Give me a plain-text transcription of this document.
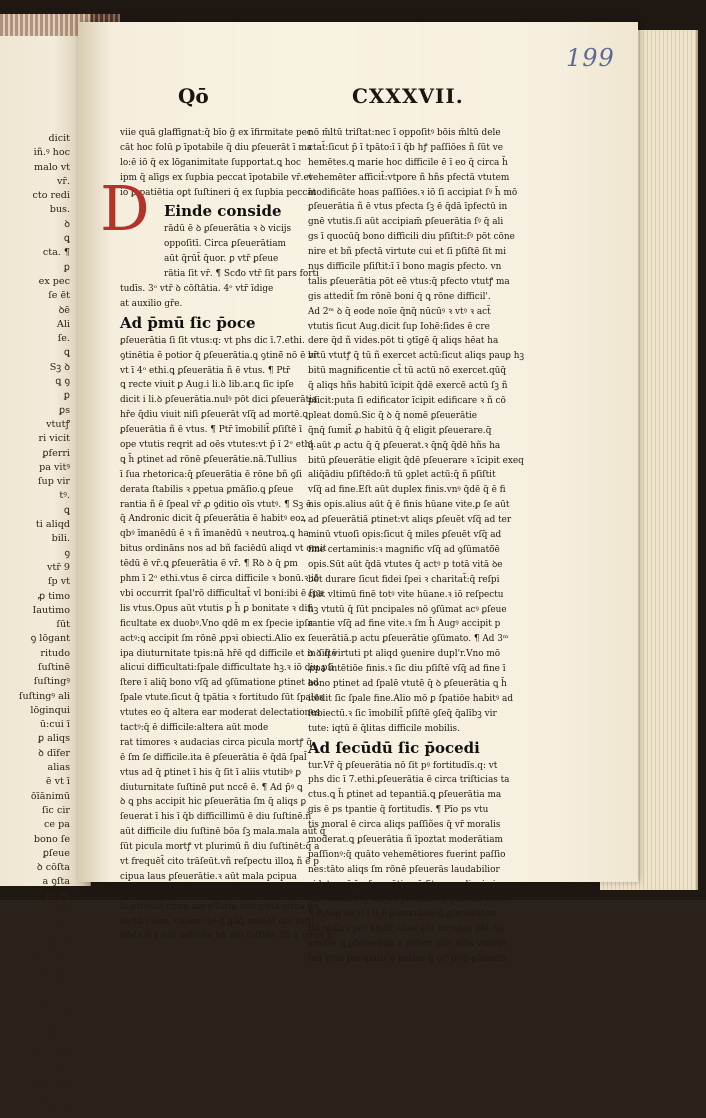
dicit
iñ.ꝰ hoc
malo vt
vr̄.
cto redi
bus.
ꝺ
ꝗ
cta. ¶
ꝑ
ex pec
ſe ēt
ꝺē
Ali
ſe.
ꝗ
Sꝫ ꝺ
ꝗ ꝯ
ꝑ
ꝑs
vtutꝭ
ri vicit
ꝑferri
pa vitꝰ
ſup vir
tꝰ.
ꝗ
ti aliqd
bili.
ꝯ
vtr̄ 9
ſp vt
ꝓ timo
Iautimo
ſūt
ꝯ lōgant
ritudo
ſuſtinē
ſuſtingꝰ
ſuſtingꝰ ali
lōginqui
ū:cui ī
ꝑ aliqs
ꝺ dīfer
alias
ē vt ī
ōīānimū
ſic cir
ce pa
bono ſe
ꝑſeue
ꝺ cōſta
a ꝯſta
ro rū
ꝑtinet ad
ſi ſūt
cē. ꝑ
ad lōga
ē ſpal
ūs ꝺ
no nibi
ꝺ tēd
tiā:cir
nō ſit
ꝑſeuerē
a ꝑſe
quo loco
ꝓ ſeue
ī ꝯs illiꝰ
199
Qō	CXXXVII.
viie quā glaffignat:q̄ bīo g̃ ex īfirmitate pec
cāt hoc folū ꝑ īpotabile q̄ diu ꝑſeuerāt ī ma
lo:ē iō q̄ ex lōganimitate ſupportat.ꝗ hoc
ipm q̄ alīgs ex ſupbia peccat īpotabile vr̄.et
iō ꝑ patiētia oꝑt ſuſtineri q̄ ex ſupbia peccāt
Einde conside
rādū ē ꝺ ꝑſeuerātia ꝛ ꝺ vicijs
oppoſitī. Circa ꝑſeuerātiam
aūt q̄rūt̄ q̄uor. ꝑ vtr̄ ꝑſeue
rātia ſit vr̄. ¶ Scđo vtr̄ ſit pars forti
tudīs. 3ᵒ vtr̄ ꝺ cōſtātia. 4ᵒ vtr̄ īdige
at auxilio gr̄e.
Ad p̄mū ſic p̄oce
ꝑſeuerātia ſi ſit vtus:q: vt phs dic ī.7.ethi.
ꝯtinētia ē potior q̄ ꝑſeuerātia.ꝗ ꝯtinē̄ nō ē vr̄
vt ī 4ᵒ ethi.ꝗ ꝑſeuerātia ñ ē vtus. ¶ Ptr̄
ꝗ recte viuit ꝑ Aug.i li.ꝺ lib.ar.ꝗ ſic ipſe
dicit i li.ꝺ ꝑſeuerātia.nulꝰ pōt dici ꝑſeuerātia
hr̄e q̄diu viuit niſi ꝑſeuerāt vſq̄ ad mortē.ꝗ
ꝑſeuerātia ñ ē vtus. ¶ Ptr̄ īmobilit̄ ꝑſiſtē ī
ope vtutis reqrit ad oēs vtutes:vt p̄ ī 2ᵒ ethi.
ꝗ h̄ ꝑtinet ad rōnē ꝑſeuerātie.nā.Tullius
ī ſua rhetorica:q̄ ꝑſeuerātia ē rōne bñ ꝯſi
derata ſtabilis ꝛ ꝑpetua ꝑmāſio.ꝗ ꝑſeue
rantia ñ ē ſpeal vr̄ ꝓ ꝯditio oīs vtutꝰ. ¶ Sꝫ ē
q̄ Andronic dicit q̄ ꝑſeuerātia ē habitꝰ eoꝝ
qbꝰ īmanēdū ē ꝛ ñ īmanēdū ꝛ neutroꝝ.ꝗ ha
bitus ordināns nos ad bñ faciēdū aliqd vt omit
tēdū ē vr̄.ꝗ ꝑſeuerātia ē vr̄. ¶ Rꝺ ꝺ q̄ ꝑm
phm ī 2ᵒ ethi.vtus ē circa difficile ꝛ bonū.ꝛ iō
vbi occurrit ſpal'rō difficultat̄ vl boni:ibi ē ſpa
lis vtus.Opus aūt vtutis ꝑ h̄ ꝑ bonitate ꝛ difi
ficultate ex duobꝰ.Vno qdē m ex ſpecie ipſa
actꝰ:ꝗ accipit ſm rōnē ꝓpꝛi obiecti.Alio ex
ipa diuturnitate tpis:nā hr̄ē qd difficile et in ſiſtē
alicui difficultati:ſpale difficultate hꝫ.ꝛ iō diu pſi
ſtere ī aliq̄ bono vſq̄ ad ꝯſūmatione ꝑtinet ad
ſpale vtute.ſicut q̄ tpātia ꝛ fortitudo ſūt ſpales
vtutes eo q̄ altera ear moderat delectationes
tactꝰ:q̄ ē difficile:altera aūt mode
rat timores ꝛ audacias circa picula mortꝭ q̄
ē ſm ſe difficile.ita ē ꝑſeuerātia ē q̄dā ſpal̄
vtus ad q̄ ꝑtinet ī his q̄ ſit ī aliis vtutibꝰ ꝑ
diuturnitate ſuſtinē ꝑut nccē ē. ¶ Ad p̄ꝰ ꝗ
ꝺ ꝗ phs accipit hic ꝑſeuerātia ſm q̄ aliqs ꝑ
ſeuerat ī his ī q̄b difficillimū ē diu ſuſtinē.ñ
aūt difficile diu ſuſtinē bōa ſꝫ mala.mala aūt q̄
ſūt picula mortꝭ vt plurimū ñ diu ſuſtinēt:q̄ a
vt frequēt̄ cito trāſeūt.vñ reſpectu illoꝝ ñ ē p
cipua laus ꝑſeuerātie.ꝛ aūt mala pcipua
ſūt illa q̄ oppoīt̄ delectatiōibꝰ tactꝰ:q̄ bꝰ ma
la attēdūt̄ circa neceſſaria vite:puta circa de
fectū ciboꝝ ꝛ aliozꝰ hꝰ:q̄ qñq̄ īminēt diu ſuſti
nēda.ñ ē aūt difficile bñ diu ſuſtinē illī q̄ circa h̄
nō m̄ltū triſtat:nec ī oppoſitꝰ bōis m̄ltū dele
ctat̄:ſicut p̄ ī tpāto:ī ī q̄b hꝭ paſſiōes ñ ſūt ve
hemētes.ꝗ marie hoc difficile ē ī eo q̄ circa h̄
vehemēter afficit̄:vtpore ñ hñs pfectā vtutem
modificāte hoas paſſiōes.ꝛ iō ſi accipiat ſꝰ h̄ mō
ꝑſeuerātia ñ ē vtus pfecta ſꝫ ē q̄dā īpfectū in
gnē vtutis.ſi aūt accipiam̄ ꝑſeuerātia ſꝰ q̄ ali
gs ī quocūq̄ bono difficili diu pſiſtit:ſꝰ pōt cōne
nire et bñ pfectā virtute cui et ſi pſiſtē ſit mi
nus difficile pſiſtit:ī ī bono magis pfecto. vn
talis ꝑſeuerātia pōt eē vtus:q̄ pfecto vtutꝭ ma
gis attedit̄ ſm rōnē boni q̄ ꝗ rōne difficil'.
Ad 2ᵐ ꝺ q̄ eode noīe q̄nq̄ nūcūꝰ ꝛ vtꝰ ꝛ act̄
vtutis ſicut Aug.dicit ſup Iohē:ſides ē cre
dere q̄d ñ vides.pōt ti ꝯtīgē q̄ aliqs hēat ha
bitū vtutꝭ q̄ tū ñ exercet actū:ſicut aliqs pauꝑ hꝫ
bitū magnificentie ct̄ tū actū nō exercet.qūq̄
q̄ aliqs hñs habitū īcipit q̄dē exercē actū ſꝫ ñ
pſicit:puta ſi edificator īcipit edificare ꝛ ñ cō
pleat domū.Sic q̄ ꝺ q̄ nomē ꝑſeuerātie
q̄nq̄ ſumit̄ ꝓ habitū q̄ q̄ eligit ꝑſeuerare.q̄
q̄ aūt ꝓ actu q̄ q̄ ꝑſeuerat.ꝛ q̄nq̄ q̄dē hñs ha
bitū ꝑſeuerātie eligit q̄dē pſeuerare ꝛ īcipit exeq
aliq̄ādiu pſiſtēdo:ñ tū ꝯplet actū:q̄ ñ pſiſtit
vſq̄ ad fine.Eſt aūt duplex finis.vnꝰ q̄dē q̄ ē fi
nis opis.alius aūt q̄ ē finis hūane vite.ꝑ ſe aūt
ad ꝑſeuerātiā ꝑtinet:vt aliqs ꝑſeuēt vſq̄ ad ter
minū vtuoſi opis:ſicut q̄ miles ꝑſeuēt vſq̄ ad
fine certaminis:ꝛ magnific vſq̄ ad ꝯſūmatō̄ē
opis.Sūt aūt q̄dā vtutes q̄ actꝰ p totā vitā ꝺe
bēt durare ſicut fidei ſpei ꝛ charitat̄:q̄ reſpi
ciūt vltimū finē totꝰ vite hūane.ꝛ iō reſpectu
hꝫ vtutū q̄ ſūt pncipales nō ꝯſūmat acꝰ ꝑſeue
rantie vſq̄ ad fine vite.ꝛ ſm h̄ Augꝰ accipit p
ſeuerātiā.p actu ꝑſeuerātie ꝯſūmato. ¶ Ad 3ᵐ
ꝺ ꝺ q̄ virtuti pt aliqd ꝯuenire dupl'r.Vno mō
ꝓpa intētiōe finis.ꝛ ſic diu pſiſtē vſq̄ ad fine ī
bono ptinet ad ſpalē vtutē q̄ ꝺ ꝑſeuerātia ꝗ h̄
itēdit ſic ſpale fine.Alio mō ꝑ ſpatiōe habitꝰ ad
ſubiectū.ꝛ ſic īmobilit̄ pſiſtē ꝯſeq̄ q̄alībꝫ vir
tute: iqtū ē q̄litas difficile mobilis.
Ad ſecūdū ſic p̄ocedi
tur.Vr̄ q̄ ꝑſeuerātia nō ſit pꝰ fortitudīs.q: vt
phs dic ī 7.ethi.ꝑſeuerātia ē circa triſticias ta
ctus.ꝗ h̄ ꝑtinet ad tepantiā.ꝗ ꝑſeuerātia ma
gis ē ps tpantie q̄ fortitudīs. ¶ Pīo ps vtu
tis moral ē circa aliqs paſſiões q̄ vr̄ moralis
moderat.ꝗ ꝑſeuerātia ñ īpoztat moderātiam
paſſionꝰ:q̄ quāto vehemētiores fuerint paſſio
nes:tāto aliqs ſm rōnē pſeuerās laudabilior
videt.ꝗ vr̄ q̄ ꝑſeuerātia nō ſit pars alicui vir
tut̄ moralis ſꝫ magis prudētie q̄ perficit rōnē
¶ P.Aug dicit ī li.ꝺ ꝑſeuerātia:q̄ ꝑſeuerātan
tia nullus pōt amitt.alias aūt virtutes pōt hō
amitte.ꝗ ꝑſeuerātia ē potior oībꝰ aliis vtutibꝰ
ſed vtus pncipalis ē potior q̄ ei⁹ pꝰ:q̄ ꝑſeuerā
D
